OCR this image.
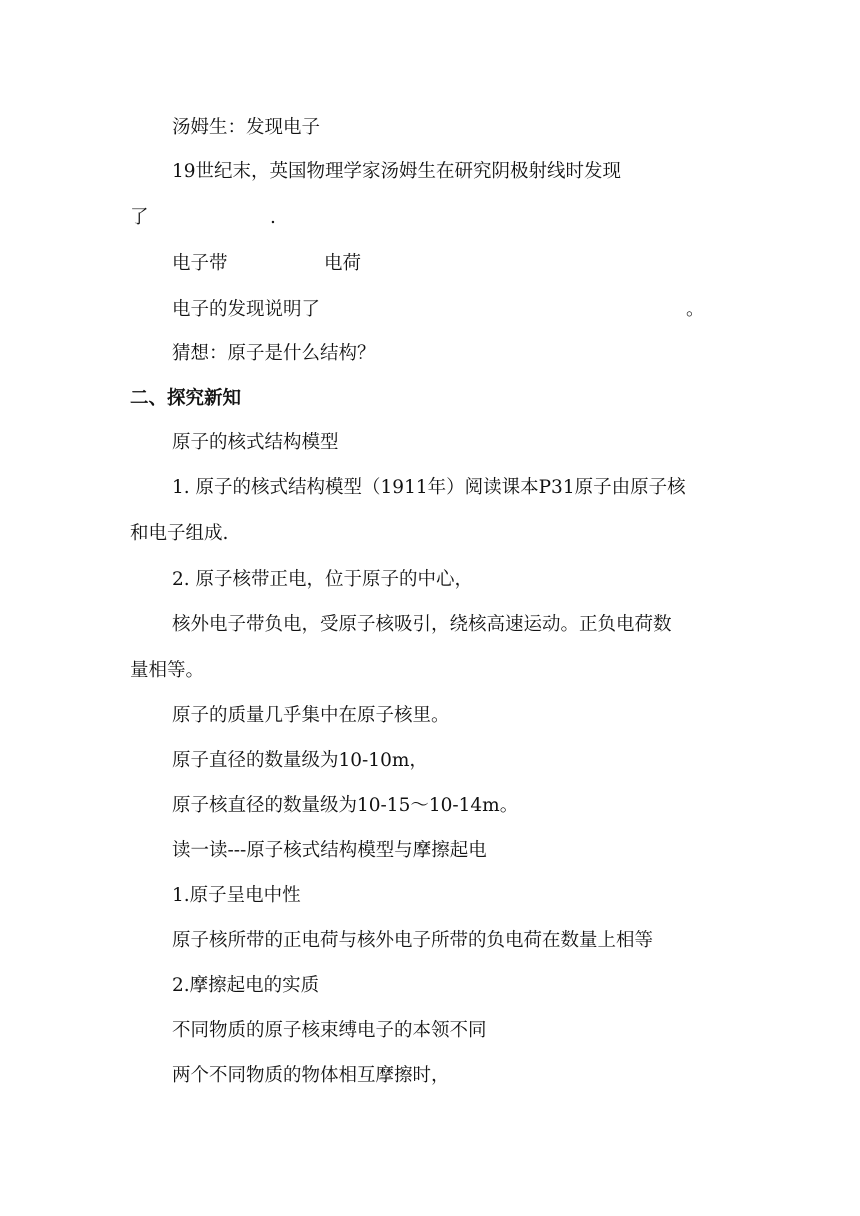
汤姆生：发现电子
19世纪末，英国物理学家汤姆生在研究阴极射线时发现
了	.
电子带	电荷
电子的发现说明了	。
猜想：原子是什么结构？
二、探究新知
原子的核式结构模型
1. 原子的核式结构模型（1911年）阅读课本P31原子由原子核
和电子组成.
2. 原子核带正电，位于原子的中心，
核外电子带负电，受原子核吸引，绕核高速运动。正负电荷数
量相等。
原子的质量几乎集中在原子核里。
原子直径的数量级为10-10m，
原子核直径的数量级为10-15～10-14m。
读一读---原子核式结构模型与摩擦起电
1.原子呈电中性
原子核所带的正电荷与核外电子所带的负电荷在数量上相等
2.摩擦起电的实质
不同物质的原子核束缚电子的本领不同
两个不同物质的物体相互摩擦时，
